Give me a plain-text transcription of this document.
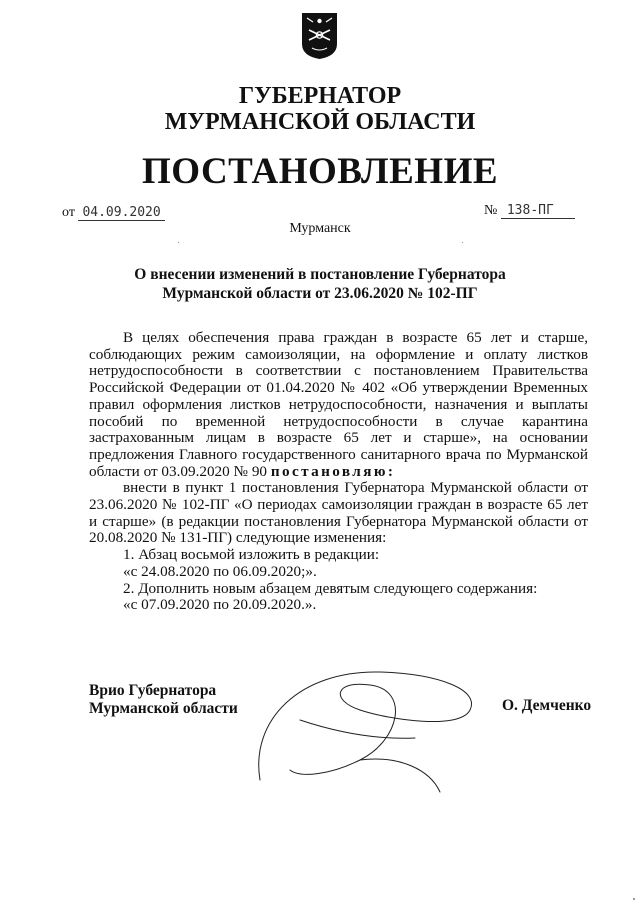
ГУБЕРНАТОР
МУРМАНСКОЙ ОБЛАСТИ
ПОСТАНОВЛЕНИЕ
от 04.09.2020	№ 138-ПГ
Мурманск
О внесении изменений в постановление Губернатора
Мурманской области от 23.06.2020 № 102-ПГ

В целях обеспечения права граждан в возрасте 65 лет и старше, соблюдающих режим самоизоляции, на оформление и оплату листков нетрудоспособности в соответствии с постановлением Правительства Российской Федерации от 01.04.2020 № 402 «Об утверждении Временных правил оформления листков нетрудоспособности, назначения и выплаты пособий по временной нетрудоспособности в случае карантина застрахованным лицам в возрасте 65 лет и старше», на основании предложения Главного государственного санитарного врача по Мурманской области от 03.09.2020 № 90 постановляю:

внести в пункт 1 постановления Губернатора Мурманской области от 23.06.2020 № 102-ПГ «О периодах самоизоляции граждан в возрасте 65 лет и старше» (в редакции постановления Губернатора Мурманской области от 20.08.2020 № 131-ПГ) следующие изменения:

1. Абзац восьмой изложить в редакции:

«с 24.08.2020 по 06.09.2020;».

2. Дополнить новым абзацем девятым следующего содержания:

«с 07.09.2020 по 20.09.2020.».

Врио Губернатора
Мурманской области	О. Демченко
